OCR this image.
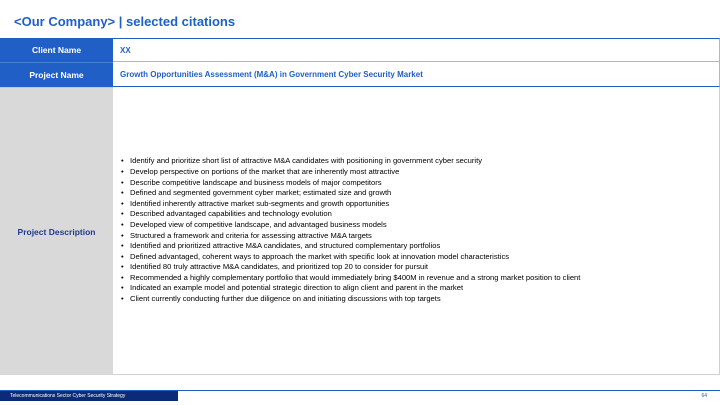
<Our Company> | selected citations
Client Name	XX
Project Name	Growth Opportunities Assessment (M&A) in Government Cyber Security Market
Project Description
• Identify and prioritize short list of attractive M&A candidates with positioning in government cyber security
• Develop perspective on portions of the market that are inherently most attractive
• Describe competitive landscape and business models of major competitors
• Defined and segmented government cyber market; estimated size and growth
• Identified inherently attractive market sub-segments and growth opportunities
• Described advantaged capabilities and technology evolution
• Developed view of competitive landscape, and advantaged business models
• Structured a framework and criteria for assessing attractive M&A targets
• Identified and prioritized attractive M&A candidates, and structured complementary portfolios
• Defined advantaged, coherent ways to approach the market with specific look at innovation model characteristics
• Identified 80 truly attractive M&A candidates, and prioritized top 20 to consider for pursuit
• Recommended a highly complementary portfolio that would immediately bring $400M in revenue and a strong market position to client
• Indicated an example model and potential strategic direction to align client and parent in the market
• Client currently conducting further due diligence on and initiating discussions with top targets
Telecommunications Sector Cyber Security Strategy	64
